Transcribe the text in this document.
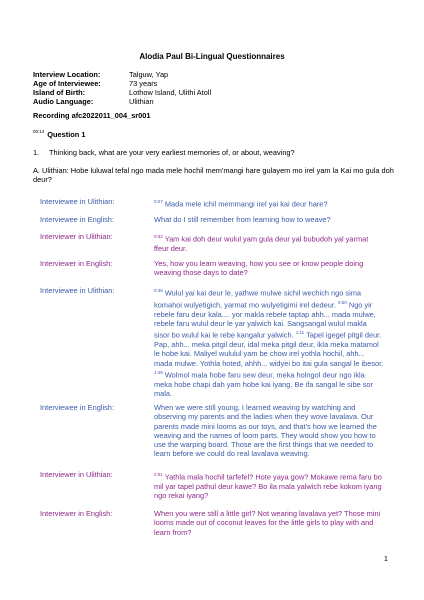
Alodia Paul Bi-Lingual Questionnaires
Interview Location:	Talguw, Yap
Age of Interviewee:	73 years
Island of Birth:	Lothow Island, Ulithi Atoll
Audio Language:	Ulithian
Recording afc2022011_004_sr001
$^{00:14}$ Question 1
1. Thinking back, what are your very earliest memories of, or about, weaving?
A. Ulithian: Hobe luluwal tefal ngo mada mele hochil mem'mangi hare gulayem mo irel yam la Kai mo gula doh deur?
Interviewee in Ulithian:	$^{0:27}$ Mada mele ichil memmangi irel yai kai deur hare?
Interviewee in English:	What do I still remember from learning how to weave?
Interviewer in Ulithian:	$^{0:32}$ Yam kai doh deur wulul yam gula deur yal bubudoh yal yarmat ffeur deur.
Interviewer in English:	Yes, how you learn weaving, how you see or know people doing weaving those days to date?
Interviewee in Ulithian:	$^{0:36}$ Wulul yai kai deur le, yathwe mulwe sichil wechich ngo sima komahoi wulyetigich, yarmat mo wulyetigimi irel dedeur. $^{0:50}$ Ngo yir rebele faru deur kala.... yor makla rebele taptap ahh... mada mulwe, rebele faru wulul deur le yar yalwich kai. Sangsangal wulul makla sisor bo wulul kai le rebe kangalur yalwich. $^{1:11}$ Tapel igegel pitgil deur. Pap, ahh... meka pitgil deur, idal meka pitgil deur, ikla meka matamol le hobe kai. Maliyel wululul yam be chow irel yothla hochil, ahh... mada mulwe. Yothla hoted, ahhh... widyei bo itai gula sangal le ibesor. $^{1:49}$ Wolmol mala hobe faru sew deur, meka holngol deur ngo ikla meka hobe chapi dah yam hobe kai iyang. Be ifa sangal le sibe sor mala.
Interviewee in English:	When we were still young, I learned weaving by watching and observing my parents and the ladies when they wove lavalava. Our parents made mini looms as our toys, and that's how we learned the weaving and the names of loom parts. They would show you how to use the warping board. Those are the first things that we needed to learn before we could do real lavalava weaving.
Interviewer in Ulithian:	$^{2:01}$ Yathla mala hochil tarfefel? Hote yaya gow? Mokawe rema faru bo mil yar tapel pathul deur kawe? Bo ila mala yalwich rebe kokom iyang ngo rekai iyang?
Interviewer in English:	When you were still a little girl? Not wearing lavalava yet? Those mini looms made out of coconut leaves for the little girls to play with and learn from?
1
